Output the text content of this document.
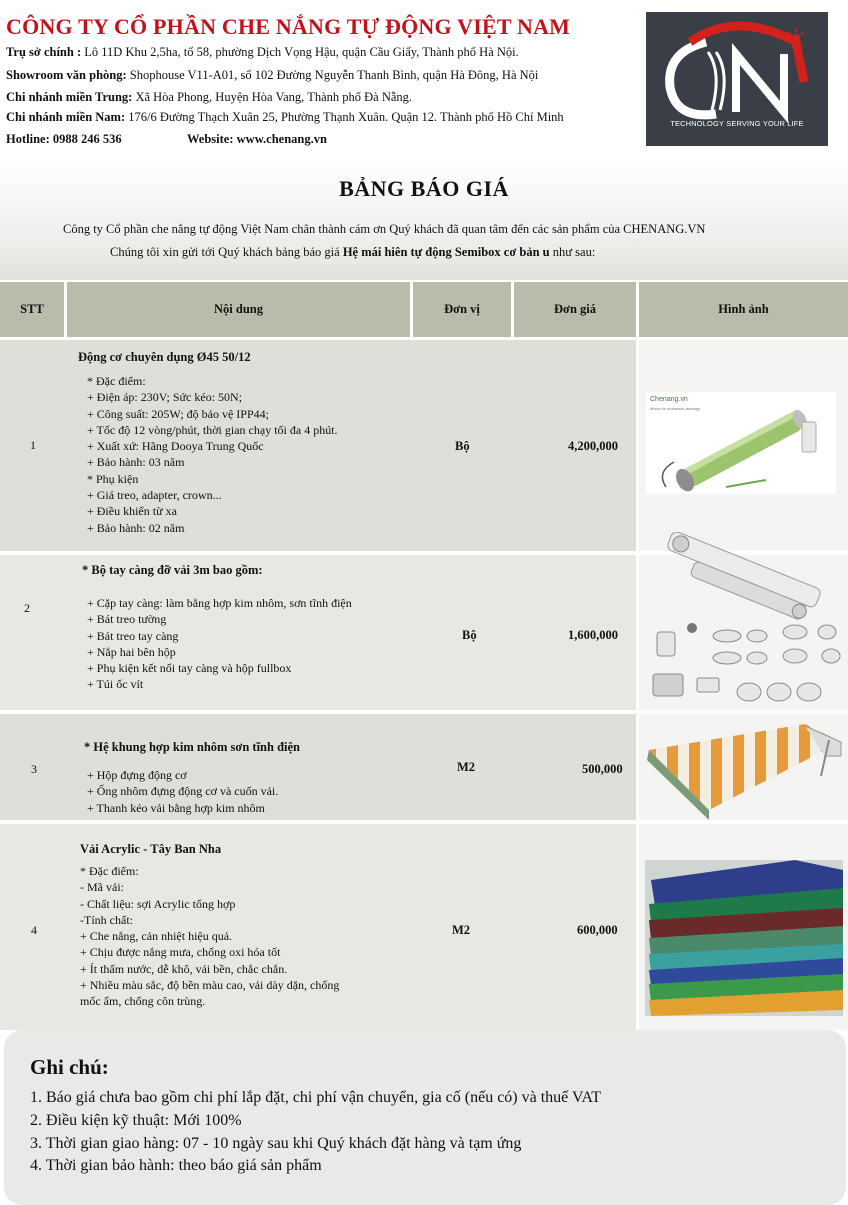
CÔNG TY CỔ PHẦN CHE NẮNG TỰ ĐỘNG VIỆT NAM
Trụ sở chính : Lô 11D Khu 2,5ha, tổ 58, phường Dịch Vọng Hậu, quận Cầu Giấy, Thành phố Hà Nội.
Showroom văn phòng: Shophouse V11-A01, số 102 Đường Nguyễn Thanh Bình, quận Hà Đông, Hà Nội
Chi nhánh miền Trung: Xã Hòa Phong, Huyện Hòa Vang, Thành phố Đà Nẵng.
Chi nhánh miền Nam: 176/6 Đường Thạch Xuân 25, Phường Thạnh Xuân. Quận 12. Thành phố Hồ Chí Minh
Hotline: 0988 246 536	Website: www.chenang.vn
TECHNOLOGY SERVING YOUR LIFE
BẢNG BÁO GIÁ
Công ty Cổ phần che nắng tự động Việt Nam chân thành cám ơn Quý khách đã quan tâm đến các sản phẩm của CHENANG.VN
Chúng tôi xin gửi tới Quý khách bảng báo giá Hệ mái hiên tự động Semibox cơ bản u như sau:
STT	Nội dung	Đơn vị	Đơn giá	Hình ảnh
1
Động cơ chuyên dụng Ø45 50/12
* Đặc điểm:
+ Điện áp: 230V; Sức kéo: 50N;
+ Công suất: 205W; độ bảo vệ IPP44;
+ Tốc độ 12 vòng/phút, thời gian chạy tối đa 4 phút.
+ Xuất xứ: Hãng Dooya Trung Quốc
+ Bảo hành: 03 năm
* Phụ kiện
+ Giá treo, adapter, crown...
+ Điều khiển từ xa
+ Bảo hành: 02 năm
Bộ	4,200,000
Chenang.vn
Motor for automatic awnings
2
* Bộ tay càng đỡ vải 3m bao gồm:
+ Cặp tay càng: làm bằng hợp kim nhôm, sơn tĩnh điện
+ Bát treo tường
+ Bát treo tay càng
+ Nắp hai bên hộp
+ Phụ kiện kết nối tay càng và hộp fullbox
+ Túi ốc vít
Bộ	1,600,000
3
* Hệ khung hợp kim nhôm sơn tĩnh điện
+ Hộp đựng động cơ
+ Ống nhôm đựng động cơ và cuốn vải.
+ Thanh kéo vải bằng hợp kim nhôm
M2	500,000
4
Vải Acrylic - Tây Ban Nha
* Đặc điểm:
- Mã vải:
- Chất liệu: sợi Acrylic tổng hợp
-Tính chất:
+ Che nắng, cản nhiệt hiệu quả.
+ Chịu được nắng mưa, chống oxi hóa tốt
+ Ít thấm nước, dễ khô, vải bền, chắc chắn.
+ Nhiều màu sắc, độ bền màu cao, vải dày dặn, chống
mốc ẩm, chống côn trùng.
M2	600,000
Ghi chú:
1. Báo giá chưa bao gồm chi phí lắp đặt, chi phí vận chuyển, gia cố (nếu có) và thuế VAT
2. Điều kiện kỹ thuật: Mới 100%
3. Thời gian giao hàng: 07 - 10 ngày sau khi Quý khách đặt hàng và tạm ứng
4. Thời gian bảo hành: theo báo giá sản phẩm
